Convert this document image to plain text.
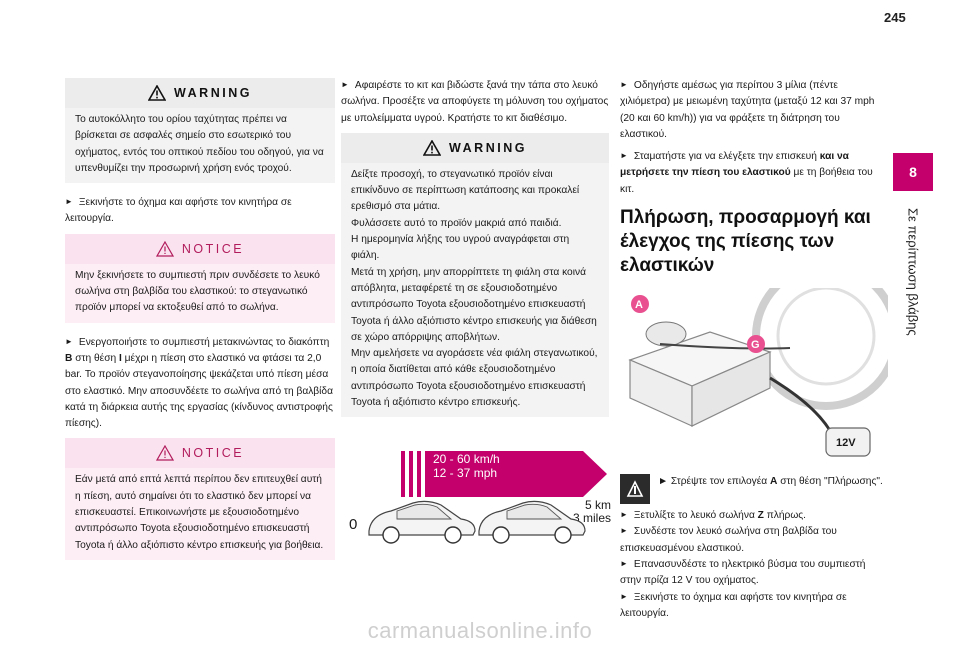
245
8
Σε περίπτωση βλάβης
WARNING
Το αυτοκόλλητο του ορίου ταχύτητας πρέπει να βρίσκεται σε ασφαλές σημείο στο εσωτερικό του οχήματος, εντός του οπτικού πεδίου του οδηγού, για να υπενθυμίζει την προσωρινή χρήση ενός τροχού.

► Ξεκινήστε το όχημα και αφήστε τον κινητήρα σε λειτουργία.

NOTICE
Μην ξεκινήσετε το συμπιεστή πριν συνδέσετε το λευκό σωλήνα στη βαλβίδα του ελαστικού: το στεγανωτικό προϊόν μπορεί να εκτοξευθεί από το σωλήνα.

► Ενεργοποιήστε το συμπιεστή μετακινώντας το διακόπτη B στη θέση I μέχρι η πίεση στο ελαστικό να φτάσει τα 2,0 bar. Το προϊόν στεγανοποίησης ψεκάζεται υπό πίεση μέσα στο ελαστικό. Μην αποσυνδέετε το σωλήνα από τη βαλβίδα κατά τη διάρκεια αυτής της εργασίας (κίνδυνος αντιστροφής πίεσης).

NOTICE
Εάν μετά από επτά λεπτά περίπου δεν επιτευχθεί αυτή η πίεση, αυτό σημαίνει ότι το ελαστικό δεν μπορεί να επισκευαστεί. Επικοινωνήστε με εξουσιοδοτημένο αντιπρόσωπο Toyota εξουσιοδοτημένο επισκευαστή Toyota ή άλλο αξιόπιστο κέντρο επισκευής για βοήθεια.

► Αφαιρέστε το κιτ και βιδώστε ξανά την τάπα στο λευκό σωλήνα. Προσέξτε να αποφύγετε τη μόλυνση του οχήματος με υπολείμματα υγρού. Κρατήστε το κιτ διαθέσιμο.

WARNING
Δείξτε προσοχή, το στεγανωτικό προϊόν είναι επικίνδυνο σε περίπτωση κατάποσης και προκαλεί ερεθισμό στα μάτια.
Φυλάσσετε αυτό το προϊόν μακριά από παιδιά.
Η ημερομηνία λήξης του υγρού αναγράφεται στη φιάλη.
Μετά τη χρήση, μην απορρίπτετε τη φιάλη στα κοινά απόβλητα, μεταφέρετέ τη σε εξουσιοδοτημένο αντιπρόσωπο Toyota εξουσιοδοτημένο επισκευαστή Toyota ή άλλο αξιόπιστο κέντρο επισκευής για διάθεση σε χώρο απόρριψης αποβλήτων.
Μην αμελήσετε να αγοράσετε νέα φιάλη στεγανωτικού, η οποία διατίθεται από κάθε εξουσιοδοτημένο αντιπρόσωπο Toyota εξουσιοδοτημένο επισκευαστή Toyota ή αξιόπιστο κέντρο επισκευής.
20 - 60 km/h
12 - 37 mph
5 km
3 miles
0

► Οδηγήστε αμέσως για περίπου 3 μίλια (πέντε χιλιόμετρα) με μειωμένη ταχύτητα (μεταξύ 12 και 37 mph (20 και 60 km/h)) για να φράξετε τη διάτρηση του ελαστικού.

► Σταματήστε για να ελέγξετε την επισκευή και να μετρήσετε την πίεση του ελαστικού με τη βοήθεια του κιτ.

Πλήρωση, προσαρμογή και έλεγχος της πίεσης των ελαστικών
A
G
12V
► Στρέψτε τον επιλογέα A στη θέση "Πλήρωσης".

► Ξετυλίξτε το λευκό σωλήνα Z πλήρως.

► Συνδέστε τον λευκό σωλήνα στη βαλβίδα του επισκευασμένου ελαστικού.

► Επανασυνδέστε το ηλεκτρικό βύσμα του συμπιεστή στην πρίζα 12 V του οχήματος.

► Ξεκινήστε το όχημα και αφήστε τον κινητήρα σε λειτουργία.

carmanualsonline.info
